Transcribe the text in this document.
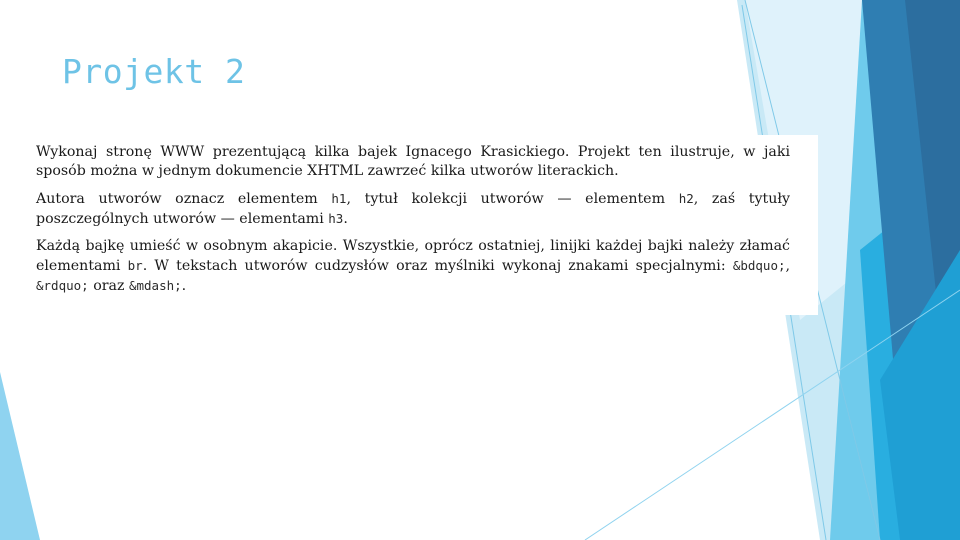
Projekt 2

Wykonaj stronę WWW prezentującą kilka bajek Ignacego Krasickiego. Projekt ten ilustruje, w jaki sposób można w jednym dokumencie XHTML zawrzeć kilka utworów literackich.

Autora utworów oznacz elementem h1, tytuł kolekcji utworów — elementem h2, zaś tytuły poszczególnych utworów — elementami h3.

Każdą bajkę umieść w osobnym akapicie. Wszystkie, oprócz ostatniej, linijki każdej bajki należy złamać elementami br. W tekstach utworów cudzysłów oraz myślniki wykonaj znakami specjalnymi: &bdquo;, &rdquo; oraz &mdash;.
